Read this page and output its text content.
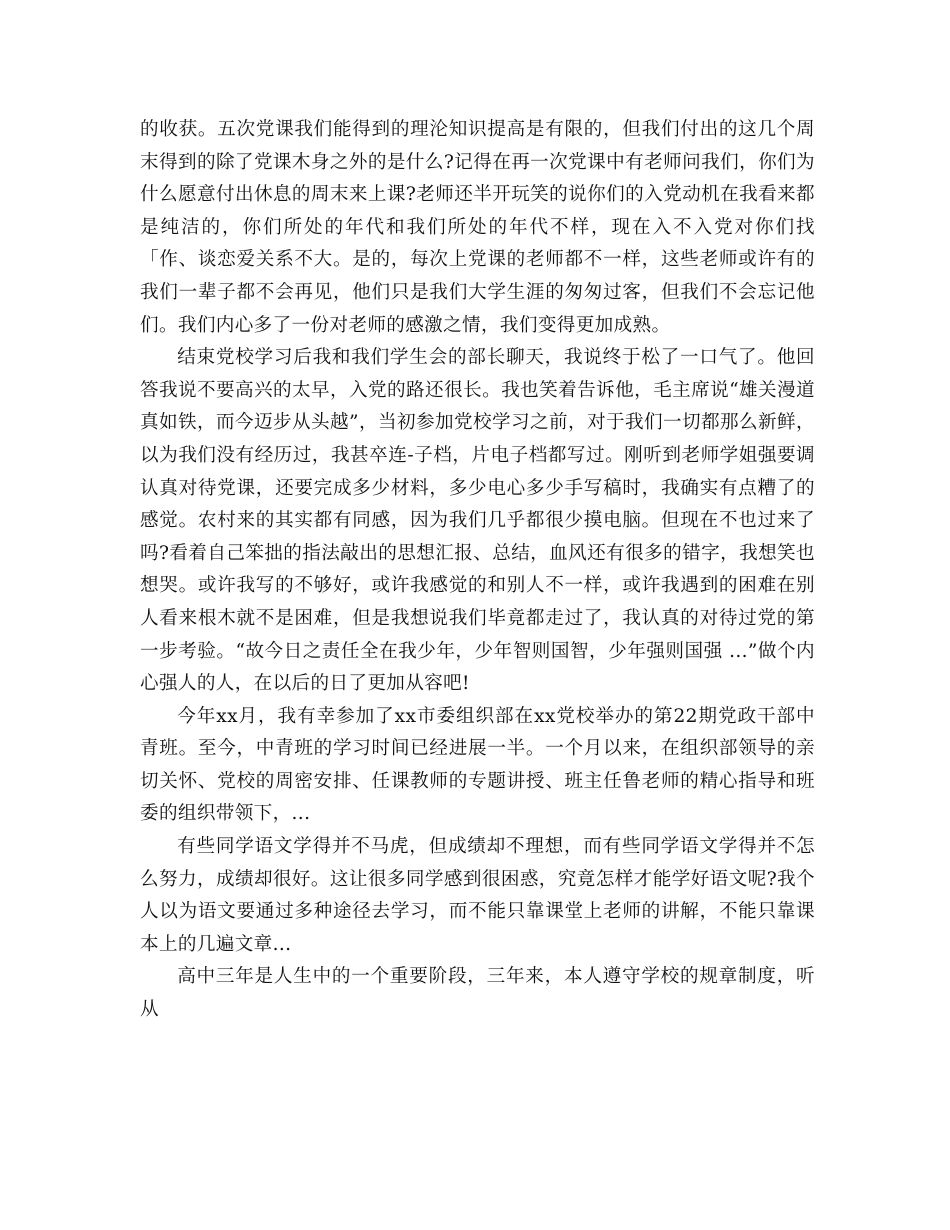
的收获。五次党课我们能得到的理沦知识提高是有限的，但我们付出的这几个周末得到的除了党课木身之外的是什么?记得在再一次党课中有老师问我们，你们为什么愿意付出休息的周末来上课?老师还半开玩笑的说你们的入党动机在我看来都是纯洁的，你们所处的年代和我们所处的年代不样，现在入不入党对你们找「作、谈恋爱关系不大。是的，每次上党课的老师都不一样，这些老师或许有的我们一辈子都不会再见，他们只是我们大学生涯的匆匆过客，但我们不会忘记他们。我们内心多了一份对老师的感激之情，我们变得更加成熟。

结束党校学习后我和我们学生会的部长聊天，我说终于松了一口气了。他回答我说不要高兴的太早，入党的路还很长。我也笑着告诉他，毛主席说“雄关漫道真如铁，而今迈步从头越”，当初参加党校学习之前，对于我们一切都那么新鲜，以为我们没有经历过，我甚卒连-子档，片电子档都写过。刚听到老师学姐强要调认真对待党课，还要完成多少材料，多少电心多少手写稿时，我确实有点糟了的感觉。农村来的其实都有同感，因为我们几乎都很少摸电脑。但现在不也过来了吗?看着自己笨拙的指法敲出的思想汇报、总结，血风还有很多的错字，我想笑也想哭。或许我写的不够好，或许我感觉的和别人不一样，或许我遇到的困难在别人看来根木就不是困难，但是我想说我们毕竟都走过了，我认真的对待过党的第一步考验。“故今日之责任全在我少年，少年智则国智，少年强则国强 ...”做个内心强人的人，在以后的日了更加从容吧!

今年xx月，我有幸参加了xx市委组织部在xx党校举办的第22期党政干部中青班。至今，中青班的学习时间已经进展一半。一个月以来，在组织部领导的亲切关怀、党校的周密安排、任课教师的专题讲授、班主任鲁老师的精心指导和班委的组织带领下，...

有些同学语文学得并不马虎，但成绩却不理想，而有些同学语文学得并不怎么努力，成绩却很好。这让很多同学感到很困惑，究竟怎样才能学好语文呢?我个人以为语文要通过多种途径去学习，而不能只靠课堂上老师的讲解，不能只靠课本上的几遍文章...

高中三年是人生中的一个重要阶段，三年来，本人遵守学校的规章制度，听从
